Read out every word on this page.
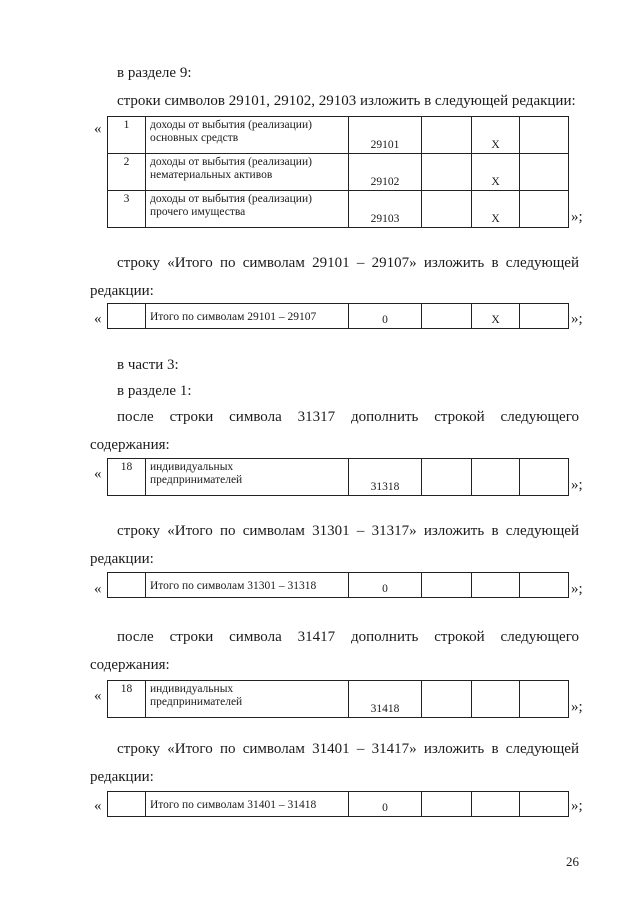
в разделе 9:
строки символов 29101, 29102, 29103 изложить в следующей редакции:
« 1	доходы от выбытия (реализации)
основных средств	29101		X	
2	доходы от выбытия (реализации)
нематериальных активов	29102		X	
3	доходы от выбытия (реализации)
прочего имущества	29103		X		»;
строку «Итого по символам 29101 – 29107» изложить в следующей
редакции:
«
		Итого по символам 29101 – 29107	0		X		»;
в части 3:
в разделе 1:
после строки символа 31317 дополнить строкой следующего
содержания:
« 18	индивидуальных
предпринимателей	31318				»;
строку «Итого по символам 31301 – 31317» изложить в следующей
редакции:
«
		Итого по символам 31301 – 31318	0				»;
после строки символа 31417 дополнить строкой следующего
содержания:
« 18	индивидуальных
предпринимателей	31418				»;
строку «Итого по символам 31401 – 31417» изложить в следующей
редакции:
«
		Итого по символам 31401 – 31418	0				»;
26
